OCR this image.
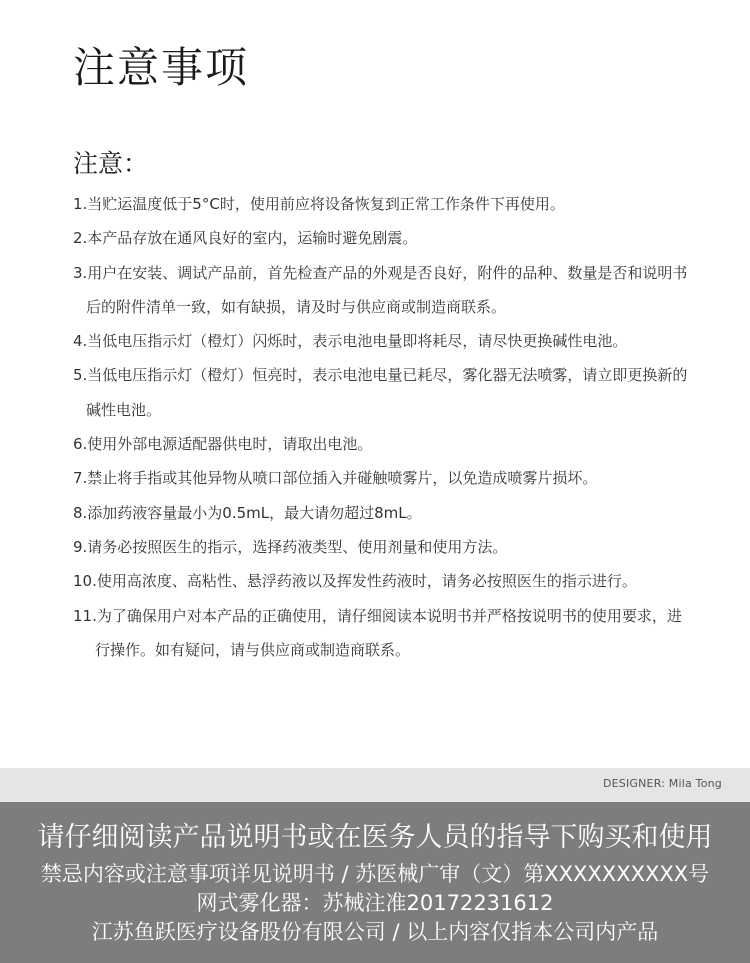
注意事项
注意：
1.当贮运温度低于5°C时，使用前应将设备恢复到正常工作条件下再使用。
2.本产品存放在通风良好的室内，运输时避免剧震。
3.用户在安装、调试产品前，首先检查产品的外观是否良好，附件的品种、数量是否和说明书后的附件清单一致，如有缺损，请及时与供应商或制造商联系。
4.当低电压指示灯（橙灯）闪烁时，表示电池电量即将耗尽，请尽快更换碱性电池。
5.当低电压指示灯（橙灯）恒亮时，表示电池电量已耗尽，雾化器无法喷雾，请立即更换新的碱性电池。
6.使用外部电源适配器供电时，请取出电池。
7.禁止将手指或其他异物从喷口部位插入并碰触喷雾片，以免造成喷雾片损坏。
8.添加药液容量最小为0.5mL，最大请勿超过8mL。
9.请务必按照医生的指示，选择药液类型、使用剂量和使用方法。
10.使用高浓度、高粘性、悬浮药液以及挥发性药液时，请务必按照医生的指示进行。
11.为了确保用户对本产品的正确使用，请仔细阅读本说明书并严格按说明书的使用要求，进行操作。如有疑问，请与供应商或制造商联系。
DESIGNER: Mila Tong
请仔细阅读产品说明书或在医务人员的指导下购买和使用
禁忌内容或注意事项详见说明书 / 苏医械广审（文）第XXXXXXXXXX号
网式雾化器：苏械注准20172231612
江苏鱼跃医疗设备股份有限公司 / 以上内容仅指本公司内产品
